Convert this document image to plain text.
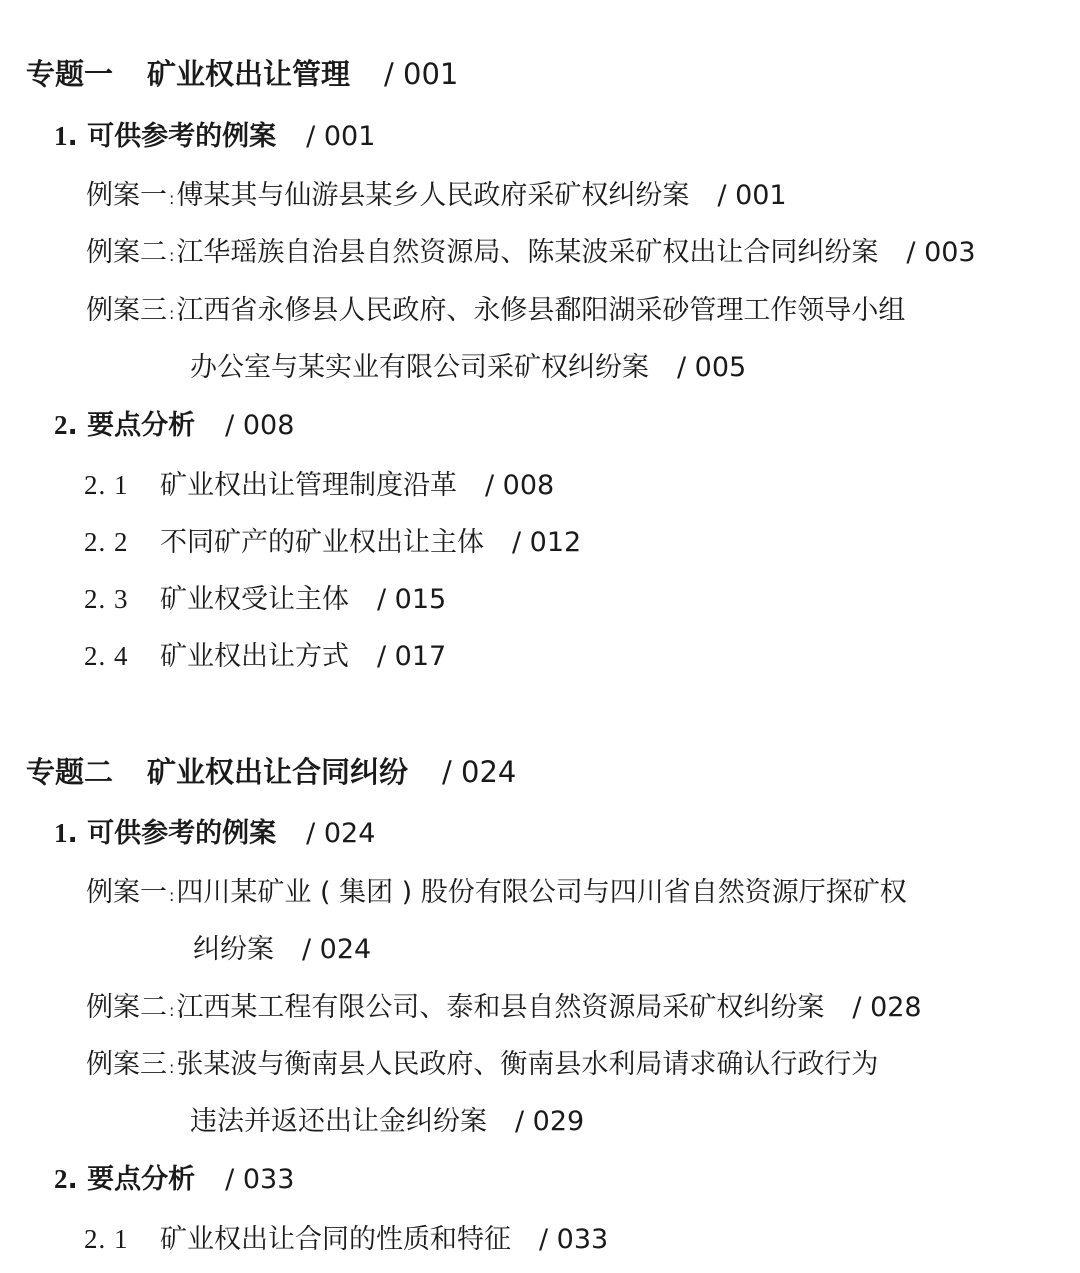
专题一 矿业权出让管理 / 001
1. 可供参考的例案 / 001
例案一 :傅某其与仙游县某乡人民政府采矿权纠纷案 / 001
例案二 :江华瑶族自治县自然资源局、陈某波采矿权出让合同纠纷案 / 003
例案三 :江西省永修县人民政府、永修县鄱阳湖采砂管理工作领导小组
办公室与某实业有限公司采矿权纠纷案 / 005
2. 要点分析 / 008
2. 1 矿业权出让管理制度沿革 / 008
2. 2 不同矿产的矿业权出让主体 / 012
2. 3 矿业权受让主体 / 015
2. 4 矿业权出让方式 / 017
专题二 矿业权出让合同纠纷 / 024
1. 可供参考的例案 / 024
例案一 :四川某矿业 ( 集团 ) 股份有限公司与四川省自然资源厅探矿权
纠纷案 / 024
例案二 :江西某工程有限公司、泰和县自然资源局采矿权纠纷案 / 028
例案三 :张某波与衡南县人民政府、衡南县水利局请求确认行政行为
违法并返还出让金纠纷案 / 029
2. 要点分析 / 033
2. 1 矿业权出让合同的性质和特征 / 033
